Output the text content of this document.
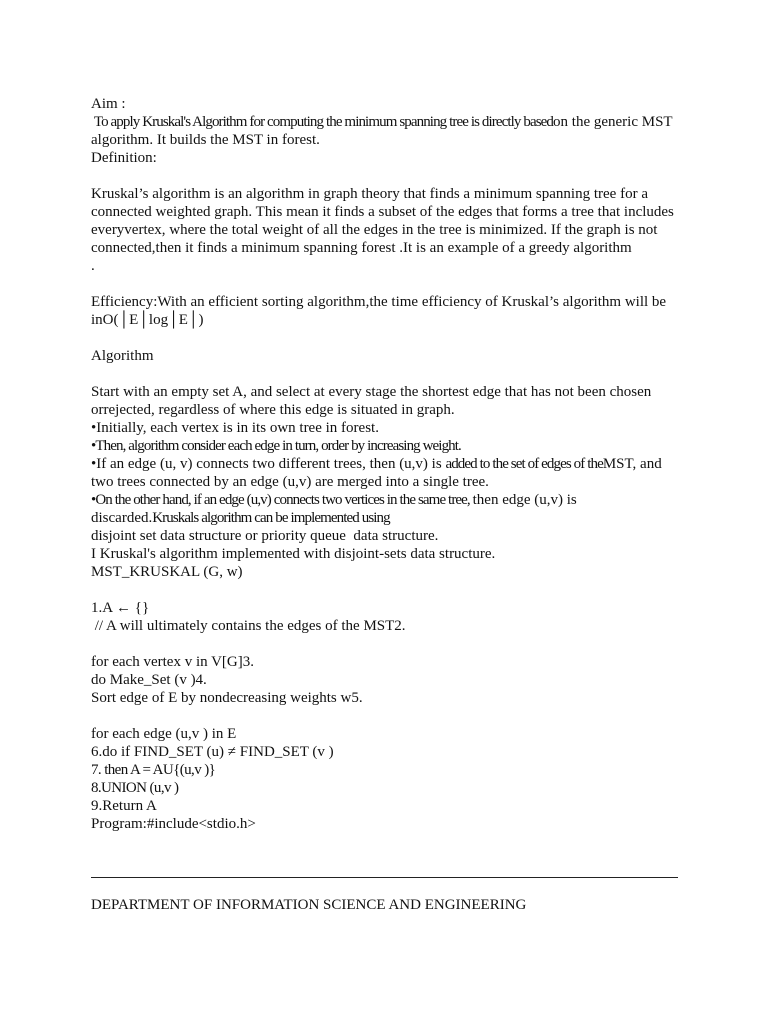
Aim :

To apply Kruskal's Algorithm for computing the minimum spanning tree is directly basedon the generic MST

algorithm. It builds the MST in forest.

Definition:

Kruskal’s algorithm is an algorithm in graph theory that finds a minimum spanning tree for a

connected weighted graph. This mean it finds a subset of the edges that forms a tree that includes

everyvertex, where the total weight of all the edges in the tree is minimized. If the graph is not

connected,then it finds a minimum spanning forest .It is an example of a greedy algorithm

.

Efficiency:With an efficient sorting algorithm,the time efficiency of Kruskal’s algorithm will be

inO(│E│log│E│)

Algorithm

Start with an empty set A, and select at every stage the shortest edge that has not been chosen

orrejected, regardless of where this edge is situated in graph.

•Initially, each vertex is in its own tree in forest.

•Then, algorithm consider each edge in turn, order by increasing weight.

•If an edge (u, v) connects two different trees, then (u,v) is added to the set of edges of theMST, and

two trees connected by an edge (u,v) are merged into a single tree.

•On the other hand, if an edge (u,v) connects two vertices in the same tree, then edge (u,v) is

discarded.Kruskals algorithm can be implemented using

disjoint set data structure or priority queue  data structure.

I Kruskal's algorithm implemented with disjoint-sets data structure.

MST_KRUSKAL (G, w)

1.A ← {}

// A will ultimately contains the edges of the MST2.

for each vertex v in V[G]3.

do Make_Set (v )4.

Sort edge of E by nondecreasing weights w5.

for each edge (u,v ) in E

6.do if FIND_SET (u) ≠ FIND_SET (v )

7. then A = AU{(u,v )}

8.UNION (u,v )

9.Return A

Program:#include<stdio.h>

DEPARTMENT OF INFORMATION SCIENCE AND ENGINEERING
